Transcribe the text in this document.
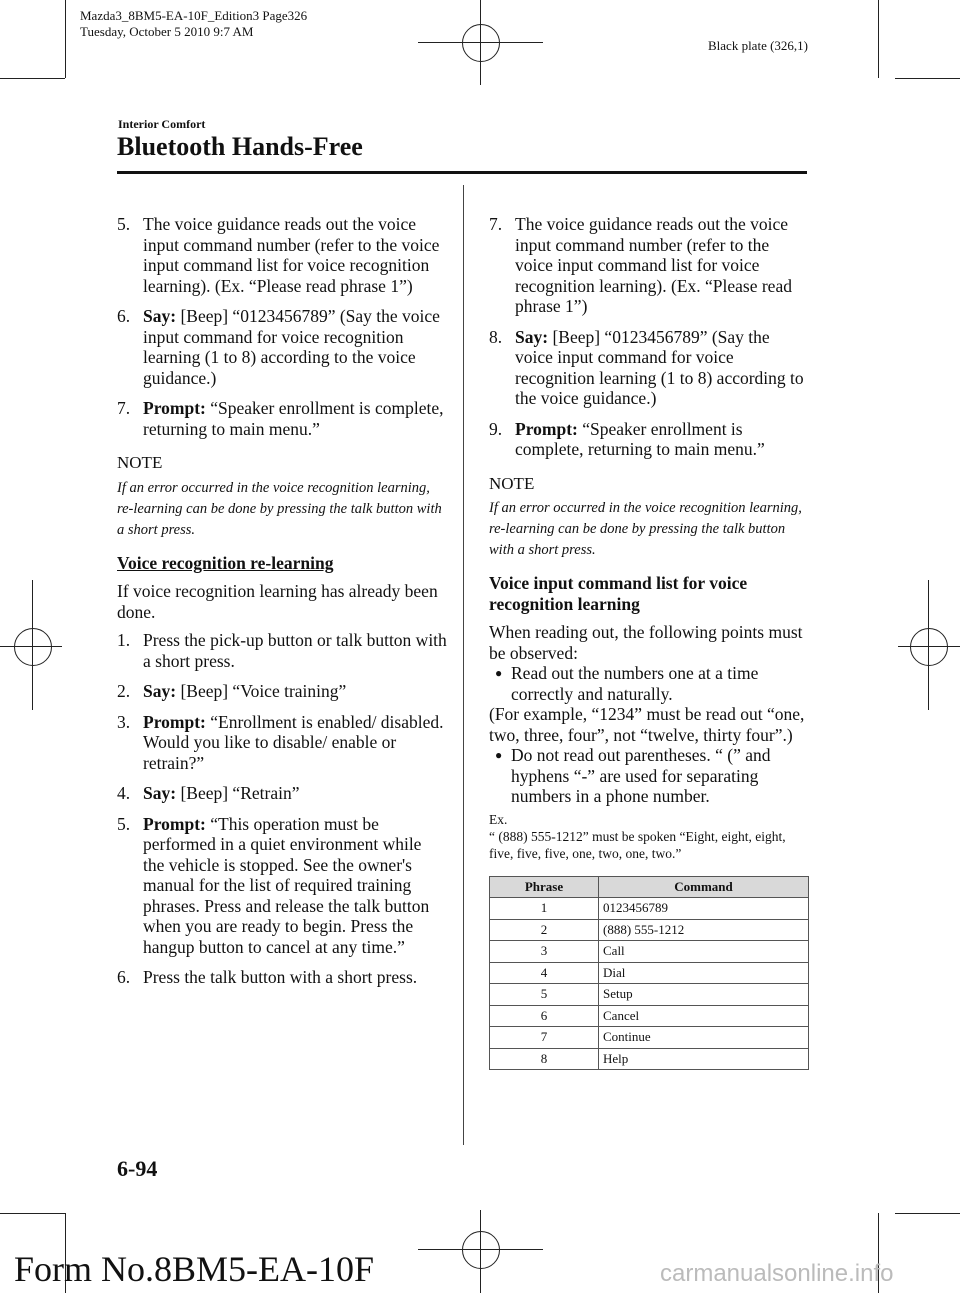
Mazda3_8BM5-EA-10F_Edition3 Page326
Tuesday, October 5 2010 9:7 AM
Black plate (326,1)
Interior Comfort
Bluetooth Hands-Free
5. The voice guidance reads out the voice input command number (refer to the voice input command list for voice recognition learning). (Ex. “Please read phrase 1”)
6. Say: [Beep] “0123456789” (Say the voice input command for voice recognition learning (1 to 8) according to the voice guidance.)
7. Prompt: “Speaker enrollment is complete, returning to main menu.”
NOTE
If an error occurred in the voice recognition learning, re-learning can be done by pressing the talk button with a short press.
Voice recognition re-learning
If voice recognition learning has already been done.
1. Press the pick-up button or talk button with a short press.
2. Say: [Beep] “Voice training”
3. Prompt: “Enrollment is enabled/ disabled. Would you like to disable/ enable or retrain?”
4. Say: [Beep] “Retrain”
5. Prompt: “This operation must be performed in a quiet environment while the vehicle is stopped. See the owner's manual for the list of required training phrases. Press and release the talk button when you are ready to begin. Press the hangup button to cancel at any time.”
6. Press the talk button with a short press.
7. The voice guidance reads out the voice input command number (refer to the voice input command list for voice recognition learning). (Ex. “Please read phrase 1”)
8. Say: [Beep] “0123456789” (Say the voice input command for voice recognition learning (1 to 8) according to the voice guidance.)
9. Prompt: “Speaker enrollment is complete, returning to main menu.”
NOTE
If an error occurred in the voice recognition learning, re-learning can be done by pressing the talk button with a short press.
Voice input command list for voice recognition learning
When reading out, the following points must be observed:
● Read out the numbers one at a time correctly and naturally.
(For example, “1234” must be read out “one, two, three, four”, not “twelve, thirty four”.)
● Do not read out parentheses. “ (” and hyphens “-” are used for separating numbers in a phone number.
Ex.
“ (888) 555-1212” must be spoken “Eight, eight, eight, five, five, five, one, two, one, two.”
Phrase	Command
1	0123456789
2	(888) 555-1212
3	Call
4	Dial
5	Setup
6	Cancel
7	Continue
8	Help
6-94
Form No.8BM5-EA-10F	carmanualsonline.info
